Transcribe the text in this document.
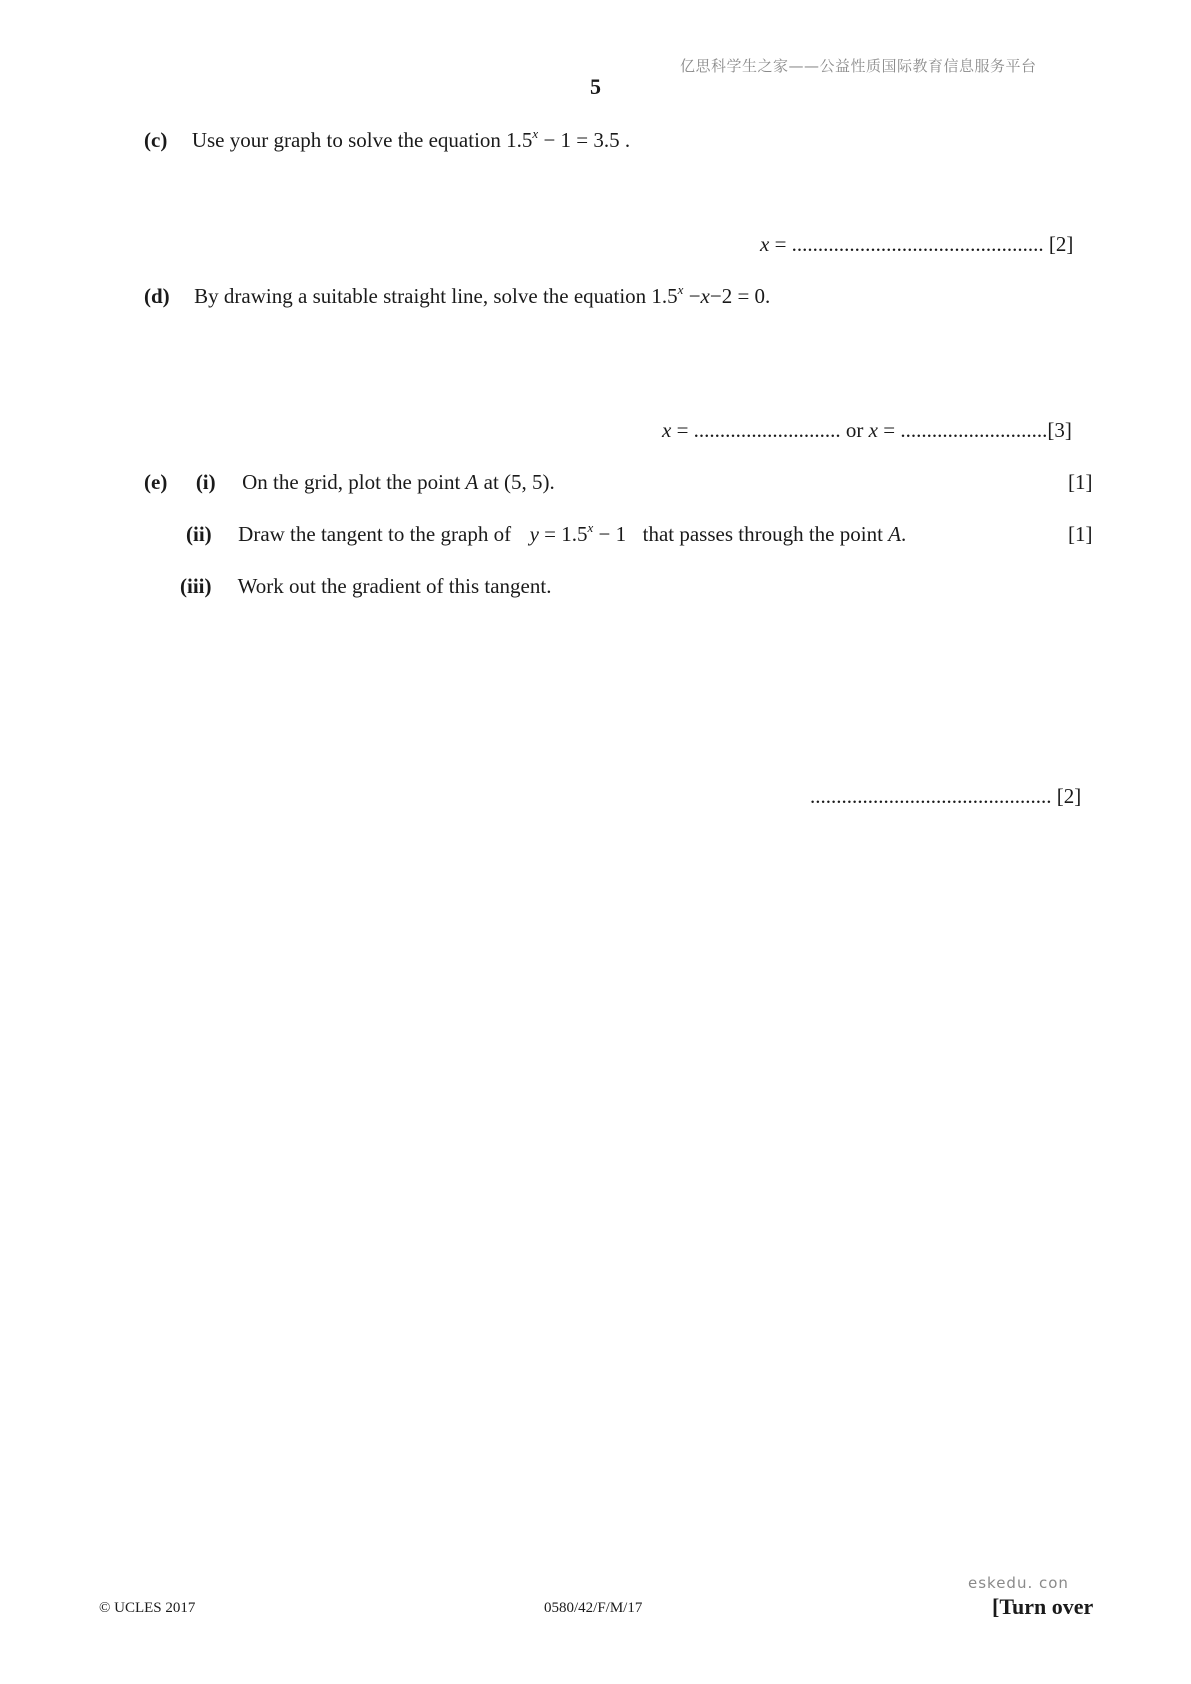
亿思科学生之家——公益性质国际教育信息服务平台
5
(c) Use your graph to solve the equation $1.5^x - 1 = 3.5$ .
x = ................................................ [2]
(d) By drawing a suitable straight line, solve the equation $1.5^x -x-2 = 0$.
x = ............................ or x = ............................[3]
(e) (i) On the grid, plot the point A at (5, 5).	[1]
(ii) Draw the tangent to the graph of $y = 1.5^x - 1$ that passes through the point A.	[1]
(iii) Work out the gradient of this tangent.
.............................................. [2]
eskedu. con
© UCLES 2017	0580/42/F/M/17	[Turn over
